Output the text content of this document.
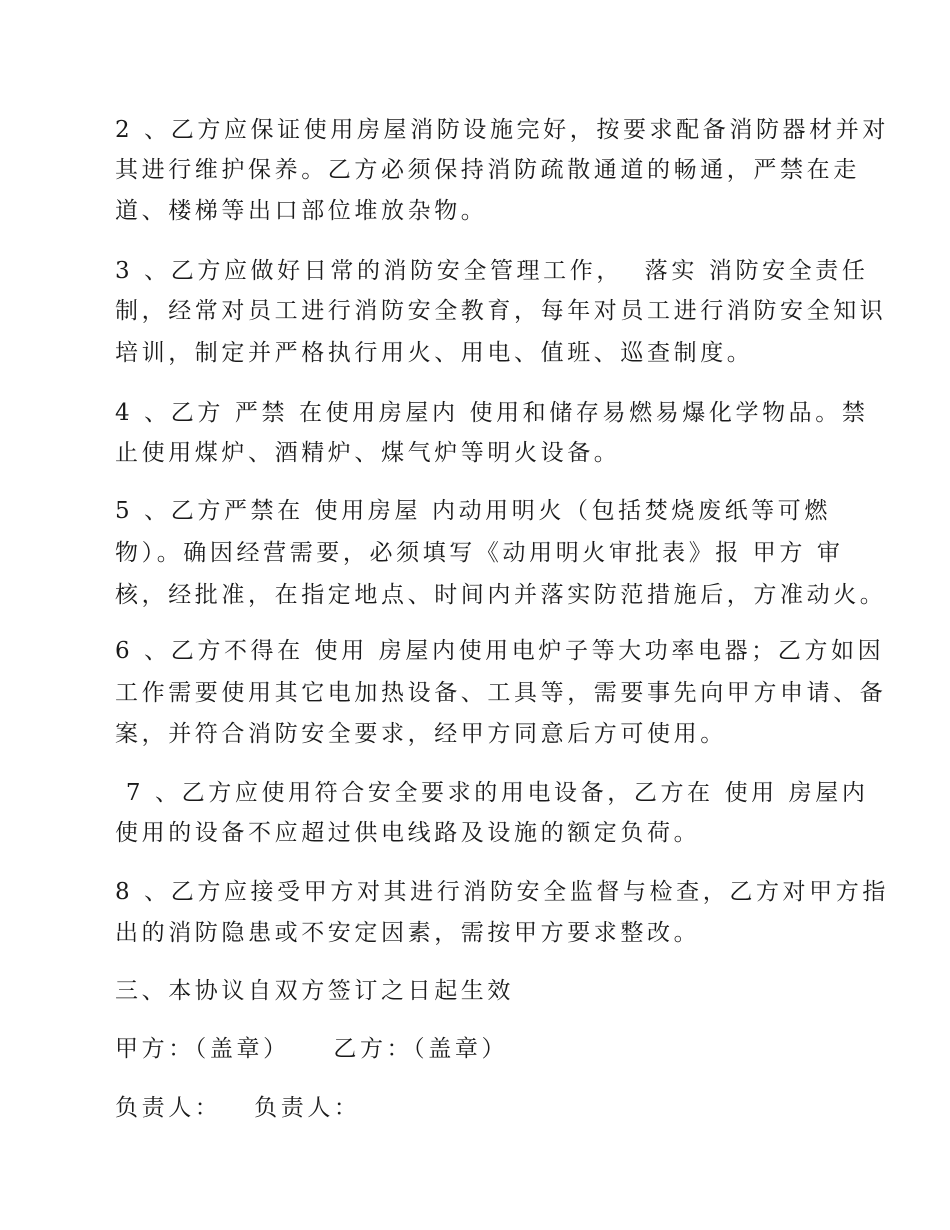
2 、乙方应保证使用房屋消防设施完好，按要求配备消防器材并对

其进行维护保养。乙方必须保持消防疏散通道的畅通，严禁在走

道、楼梯等出口部位堆放杂物。

3 、乙方应做好日常的消防安全管理工作，  落实 消防安全责任

制，经常对员工进行消防安全教育，每年对员工进行消防安全知识

培训，制定并严格执行用火、用电、值班、巡查制度。

4 、乙方 严禁 在使用房屋内 使用和储存易燃易爆化学物品。禁

止使用煤炉、酒精炉、煤气炉等明火设备。

5 、乙方严禁在 使用房屋 内动用明火（包括焚烧废纸等可燃

物）。确因经营需要，必须填写《动用明火审批表》报 甲方 审

核，经批准，在指定地点、时间内并落实防范措施后，方准动火。

6 、乙方不得在 使用 房屋内使用电炉子等大功率电器；乙方如因

工作需要使用其它电加热设备、工具等，需要事先向甲方申请、备

案，并符合消防安全要求，经甲方同意后方可使用。

7 、乙方应使用符合安全要求的用电设备，乙方在 使用 房屋内

使用的设备不应超过供电线路及设施的额定负荷。

8 、乙方应接受甲方对其进行消防安全监督与检查，乙方对甲方指

出的消防隐患或不安定因素，需按甲方要求整改。

三、本协议自双方签订之日起生效

甲方：（盖章）    乙方：（盖章）

负责人：   负责人：
